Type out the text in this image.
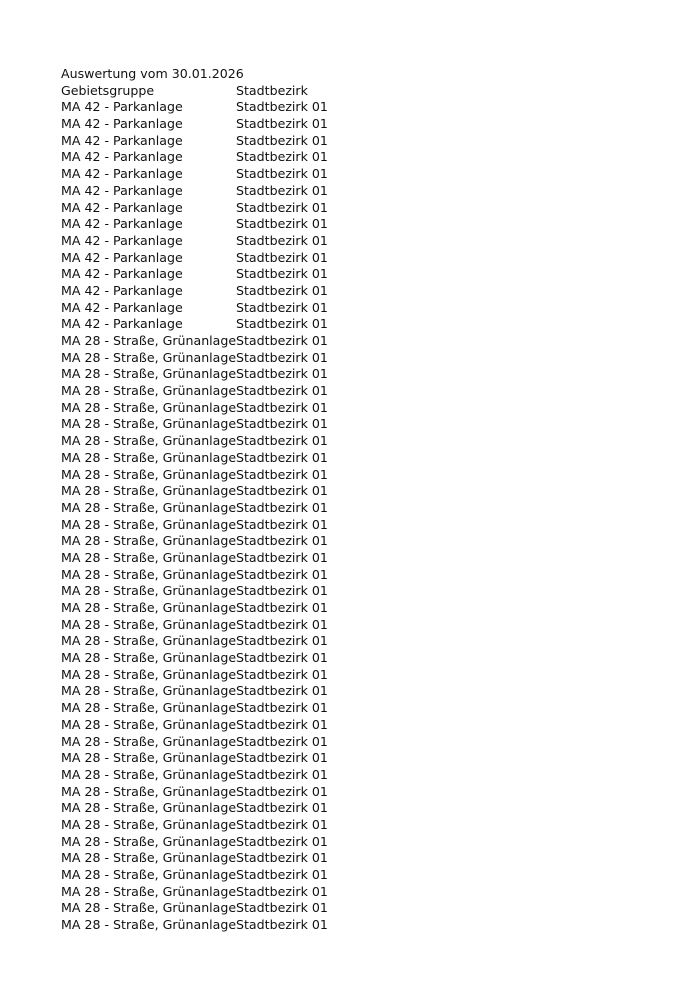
Auswertung vom 30.01.2026
Gebietsgruppe	Stadtbezirk
MA 42 - Parkanlage	Stadtbezirk 01
MA 42 - Parkanlage	Stadtbezirk 01
MA 42 - Parkanlage	Stadtbezirk 01
MA 42 - Parkanlage	Stadtbezirk 01
MA 42 - Parkanlage	Stadtbezirk 01
MA 42 - Parkanlage	Stadtbezirk 01
MA 42 - Parkanlage	Stadtbezirk 01
MA 42 - Parkanlage	Stadtbezirk 01
MA 42 - Parkanlage	Stadtbezirk 01
MA 42 - Parkanlage	Stadtbezirk 01
MA 42 - Parkanlage	Stadtbezirk 01
MA 42 - Parkanlage	Stadtbezirk 01
MA 42 - Parkanlage	Stadtbezirk 01
MA 42 - Parkanlage	Stadtbezirk 01
MA 28 - Straße, Grünanlage Stadtbezirk 01
MA 28 - Straße, Grünanlage Stadtbezirk 01
MA 28 - Straße, Grünanlage Stadtbezirk 01
MA 28 - Straße, Grünanlage Stadtbezirk 01
MA 28 - Straße, Grünanlage Stadtbezirk 01
MA 28 - Straße, Grünanlage Stadtbezirk 01
MA 28 - Straße, Grünanlage Stadtbezirk 01
MA 28 - Straße, Grünanlage Stadtbezirk 01
MA 28 - Straße, Grünanlage Stadtbezirk 01
MA 28 - Straße, Grünanlage Stadtbezirk 01
MA 28 - Straße, Grünanlage Stadtbezirk 01
MA 28 - Straße, Grünanlage Stadtbezirk 01
MA 28 - Straße, Grünanlage Stadtbezirk 01
MA 28 - Straße, Grünanlage Stadtbezirk 01
MA 28 - Straße, Grünanlage Stadtbezirk 01
MA 28 - Straße, Grünanlage Stadtbezirk 01
MA 28 - Straße, Grünanlage Stadtbezirk 01
MA 28 - Straße, Grünanlage Stadtbezirk 01
MA 28 - Straße, Grünanlage Stadtbezirk 01
MA 28 - Straße, Grünanlage Stadtbezirk 01
MA 28 - Straße, Grünanlage Stadtbezirk 01
MA 28 - Straße, Grünanlage Stadtbezirk 01
MA 28 - Straße, Grünanlage Stadtbezirk 01
MA 28 - Straße, Grünanlage Stadtbezirk 01
MA 28 - Straße, Grünanlage Stadtbezirk 01
MA 28 - Straße, Grünanlage Stadtbezirk 01
MA 28 - Straße, Grünanlage Stadtbezirk 01
MA 28 - Straße, Grünanlage Stadtbezirk 01
MA 28 - Straße, Grünanlage Stadtbezirk 01
MA 28 - Straße, Grünanlage Stadtbezirk 01
MA 28 - Straße, Grünanlage Stadtbezirk 01
MA 28 - Straße, Grünanlage Stadtbezirk 01
MA 28 - Straße, Grünanlage Stadtbezirk 01
MA 28 - Straße, Grünanlage Stadtbezirk 01
MA 28 - Straße, Grünanlage Stadtbezirk 01
MA 28 - Straße, Grünanlage Stadtbezirk 01
